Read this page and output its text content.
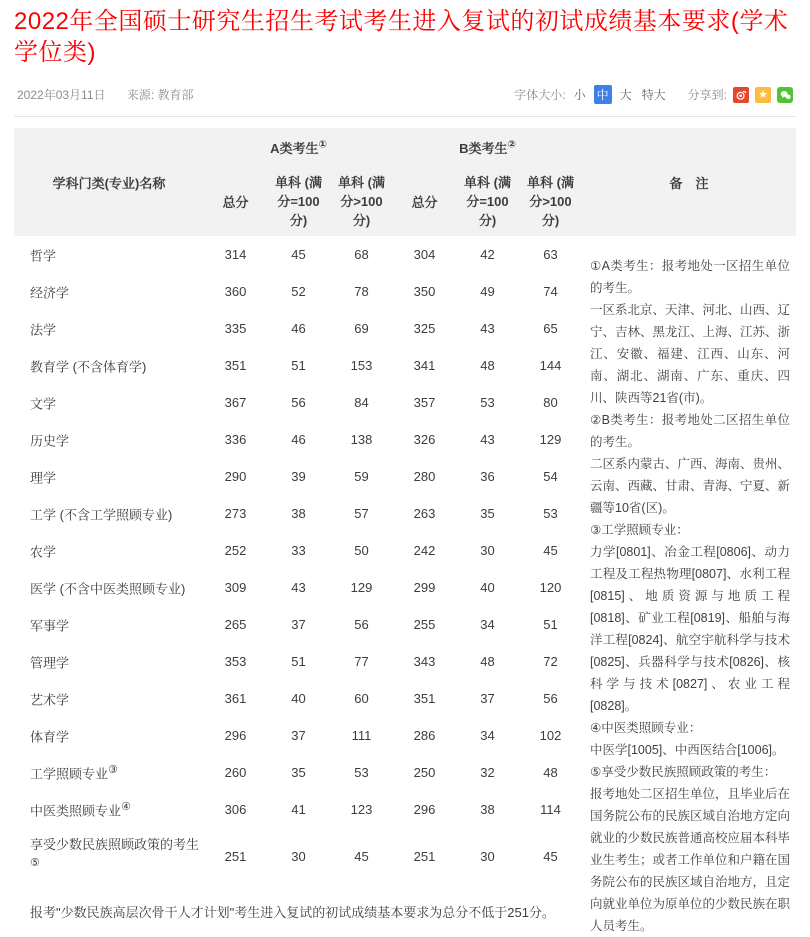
2022年全国硕士研究生招生考试考生进入复试的初试成绩基本要求(学术学位类)
2022年03月11日 来源: 教育部	字体大小: 小 中 大 特大 分享到:	★
学科门类(专业)名称	A类考生①			B类考生②
	总分	单科 (满分=100分)	单科 (满分>100分)	总分	单科 (满分=100分)	单科 (满分>100分)
哲学	314	45	68	304	42	63
经济学	360	52	78	350	49	74
法学	335	46	69	325	43	65
教育学 (不含体育学)	351	51	153	341	48	144
文学	367	56	84	357	53	80
历史学	336	46	138	326	43	129
理学	290	39	59	280	36	54
工学 (不含工学照顾专业)	273	38	57	263	35	53
农学	252	33	50	242	30	45
医学 (不含中医类照顾专业)	309	43	129	299	40	120
军事学	265	37	56	255	34	51
管理学	353	51	77	343	48	72
艺术学	361	40	60	351	37	56
体育学	296	37	111	286	34	102
工学照顾专业③	260	35	53	250	32	48
中医类照顾专业④	306	41	123	296	38	114
享受少数民族照顾政策的考生⑤	251	30	45	251	30	45
备　注

①A类考生：报考地处一区招生单位的考生。

一区系北京、天津、河北、山西、辽宁、吉林、黑龙江、上海、江苏、浙江、安徽、福建、江西、山东、河南、湖北、湖南、广东、重庆、四川、陕西等21省(市)。

②B类考生：报考地处二区招生单位的考生。

二区系内蒙古、广西、海南、贵州、云南、西藏、甘肃、青海、宁夏、新疆等10省(区)。

③工学照顾专业：

力学[0801]、冶金工程[0806]、动力工程及工程热物理[0807]、水利工程[0815]、地质资源与地质工程[0818]、矿业工程[0819]、船舶与海洋工程[0824]、航空宇航科学与技术[0825]、兵器科学与技术[0826]、核科学与技术[0827]、农业工程[0828]。

④中医类照顾专业：

中医学[1005]、中西医结合[1006]。

⑤享受少数民族照顾政策的考生：

报考地处二区招生单位，且毕业后在国务院公布的民族区域自治地方定向就业的少数民族普通高校应届本科毕业生考生；或者工作单位和户籍在国务院公布的民族区域自治地方，且定向就业单位为原单位的少数民族在职人员考生。

报考"少数民族高层次骨干人才计划"考生进入复试的初试成绩基本要求为总分不低于251分。
